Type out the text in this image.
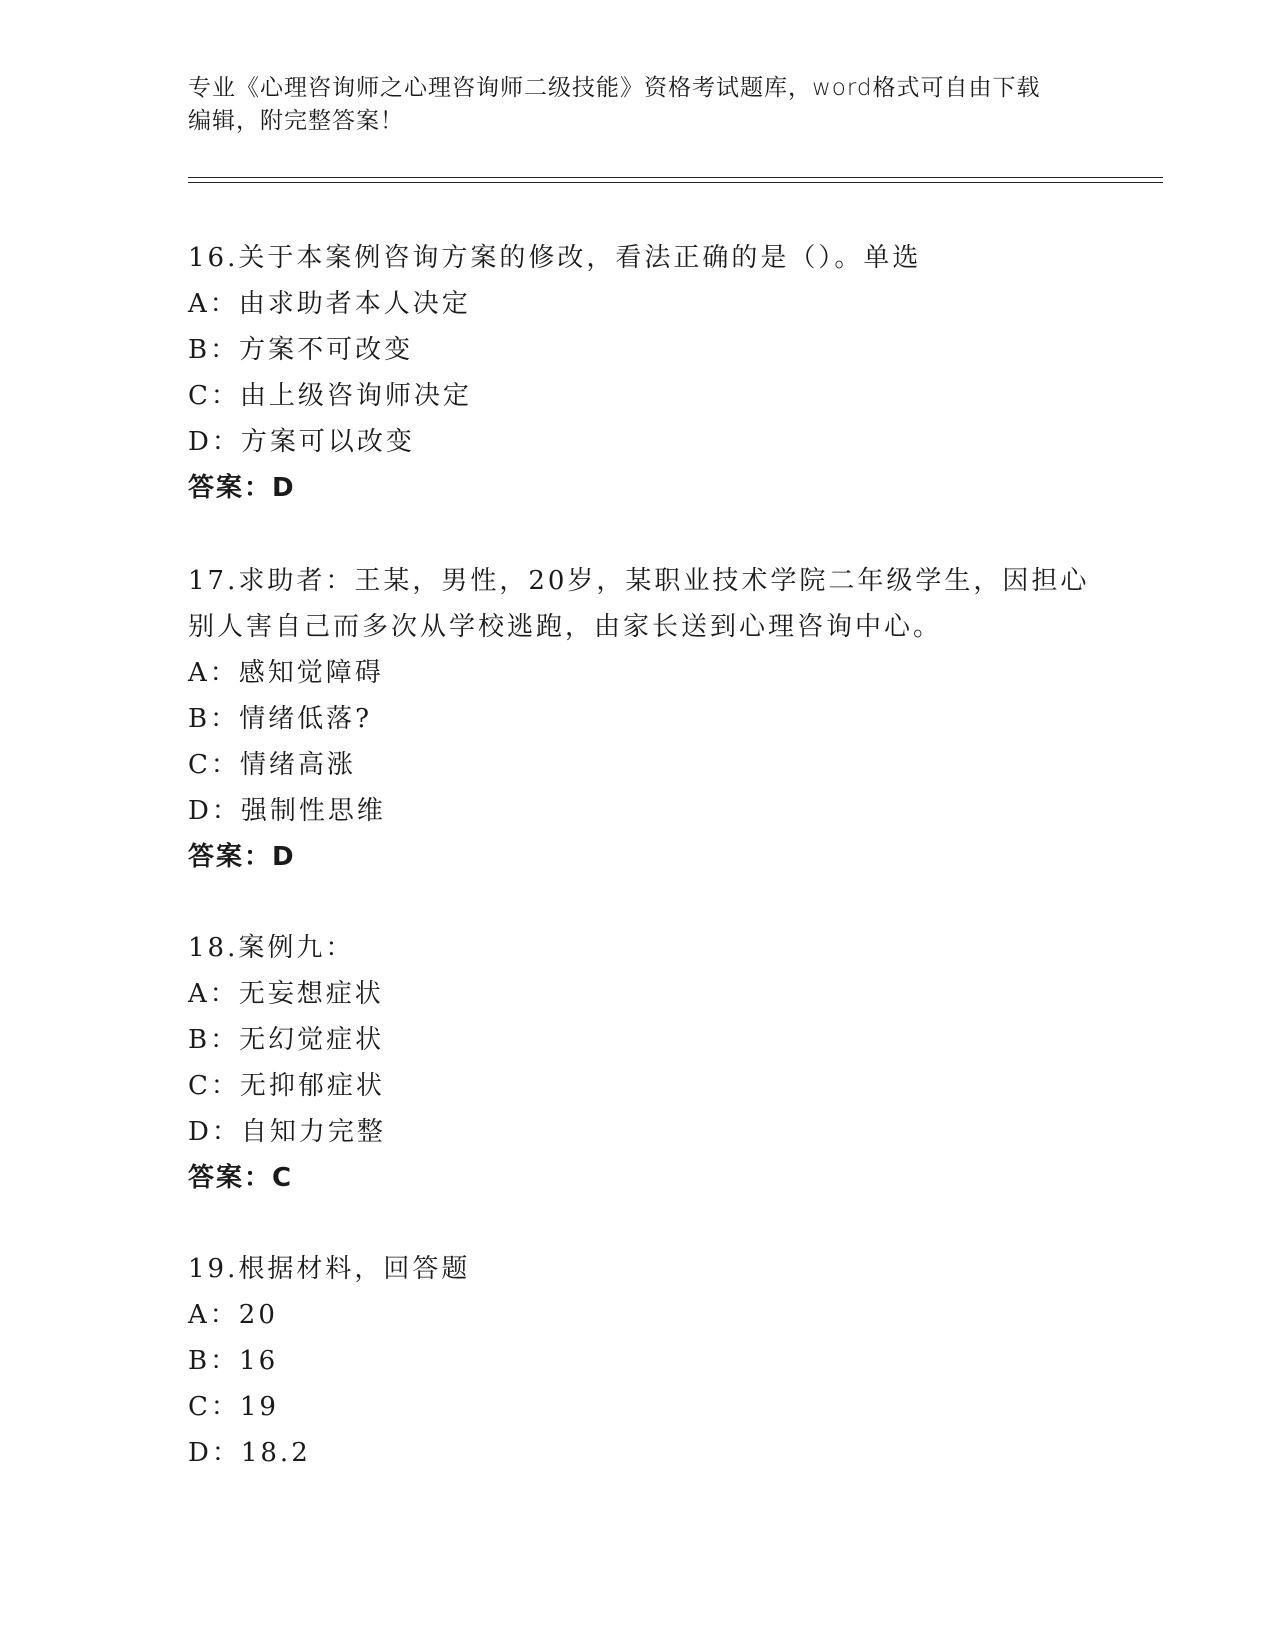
专业《心理咨询师之心理咨询师二级技能》资格考试题库，word格式可自由下载
编辑，附完整答案！
16.关于本案例咨询方案的修改，看法正确的是（）。单选
A：由求助者本人决定
B：方案不可改变
C：由上级咨询师决定
D：方案可以改变
答案：D
17.求助者：王某，男性，20岁，某职业技术学院二年级学生，因担心
别人害自己而多次从学校逃跑，由家长送到心理咨询中心。
A：感知觉障碍
B：情绪低落?
C：情绪高涨
D：强制性思维
答案：D
18.案例九：
A：无妄想症状
B：无幻觉症状
C：无抑郁症状
D：自知力完整
答案：C
19.根据材料，回答题
A：20
B：16
C：19
D：18.2
